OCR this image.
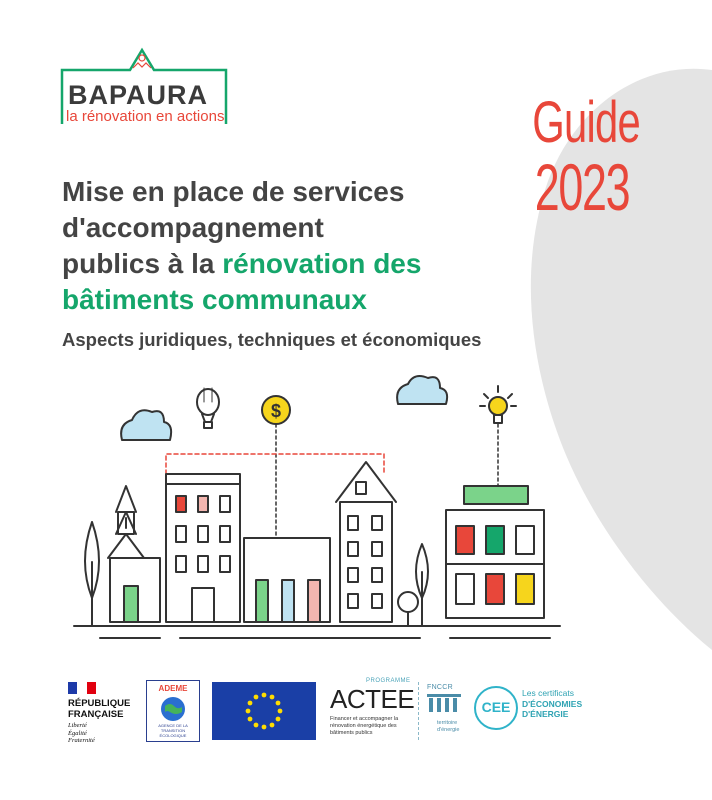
BAPAURA
la rénovation en actions	Guide
2023
Mise en place de services
d'accompagnement
publics à la rénovation des
bâtiments communaux
Aspects juridiques, techniques et économiques
$
RÉPUBLIQUE
FRANÇAISE
Liberté
Égalité
Fraternité
ADEME
AGENCE DE LA
TRANSITION
ÉCOLOGIQUE
PROGRAMME
ACTEE
Financer et accompagner la
rénovation énergétique des
bâtiments publics
FNCCR
territoire
d'énergie
CEE
Les certificats
D'ÉCONOMIES
D'ÉNERGIE
